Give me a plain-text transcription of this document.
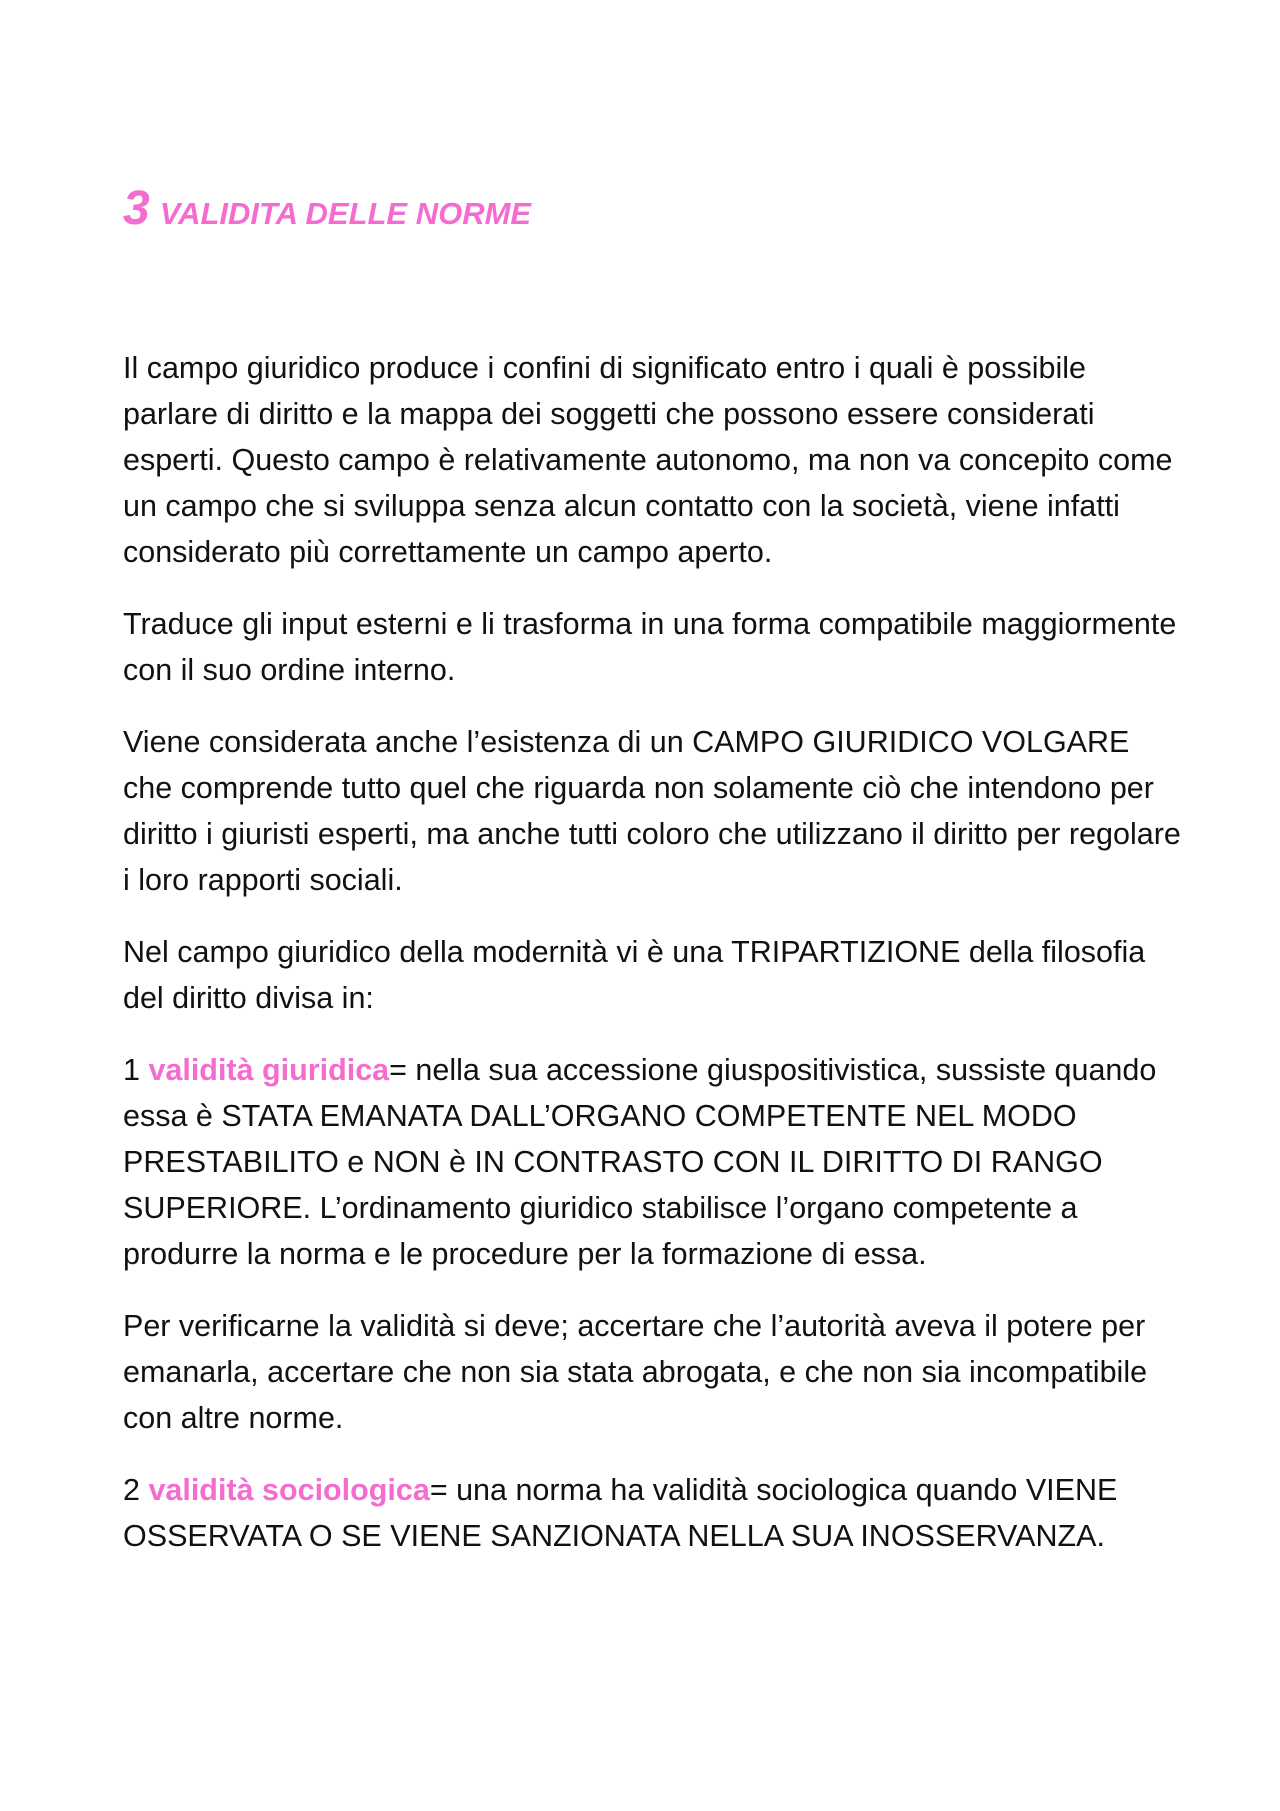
3 VALIDITA DELLE NORME

Il campo giuridico produce i confini di significato entro i quali è possibile parlare di diritto e la mappa dei soggetti che possono essere considerati esperti. Questo campo è relativamente autonomo, ma non va concepito come un campo che si sviluppa senza alcun contatto con la società, viene infatti considerato più correttamente un campo aperto.

Traduce gli input esterni e li trasforma in una forma compatibile maggiormente con il suo ordine interno.

Viene considerata anche l’esistenza di un CAMPO GIURIDICO VOLGARE che comprende tutto quel che riguarda non solamente ciò che intendono per diritto i giuristi esperti, ma anche tutti coloro che utilizzano il diritto per regolare i loro rapporti sociali.

Nel campo giuridico della modernità vi è una TRIPARTIZIONE della filosofia del diritto divisa in:

1 validità giuridica= nella sua accessione giuspositivistica, sussiste quando essa è STATA EMANATA DALL’ORGANO COMPETENTE NEL MODO PRESTABILITO e NON è IN CONTRASTO CON IL DIRITTO DI RANGO SUPERIORE. L’ordinamento giuridico stabilisce l’organo competente a produrre la norma e le procedure per la formazione di essa.

Per verificarne la validità si deve; accertare che l’autorità aveva il potere per emanarla, accertare che non sia stata abrogata, e che non sia incompatibile con altre norme.

2 validità sociologica= una norma ha validità sociologica quando VIENE OSSERVATA O SE VIENE SANZIONATA NELLA SUA INOSSERVANZA.
